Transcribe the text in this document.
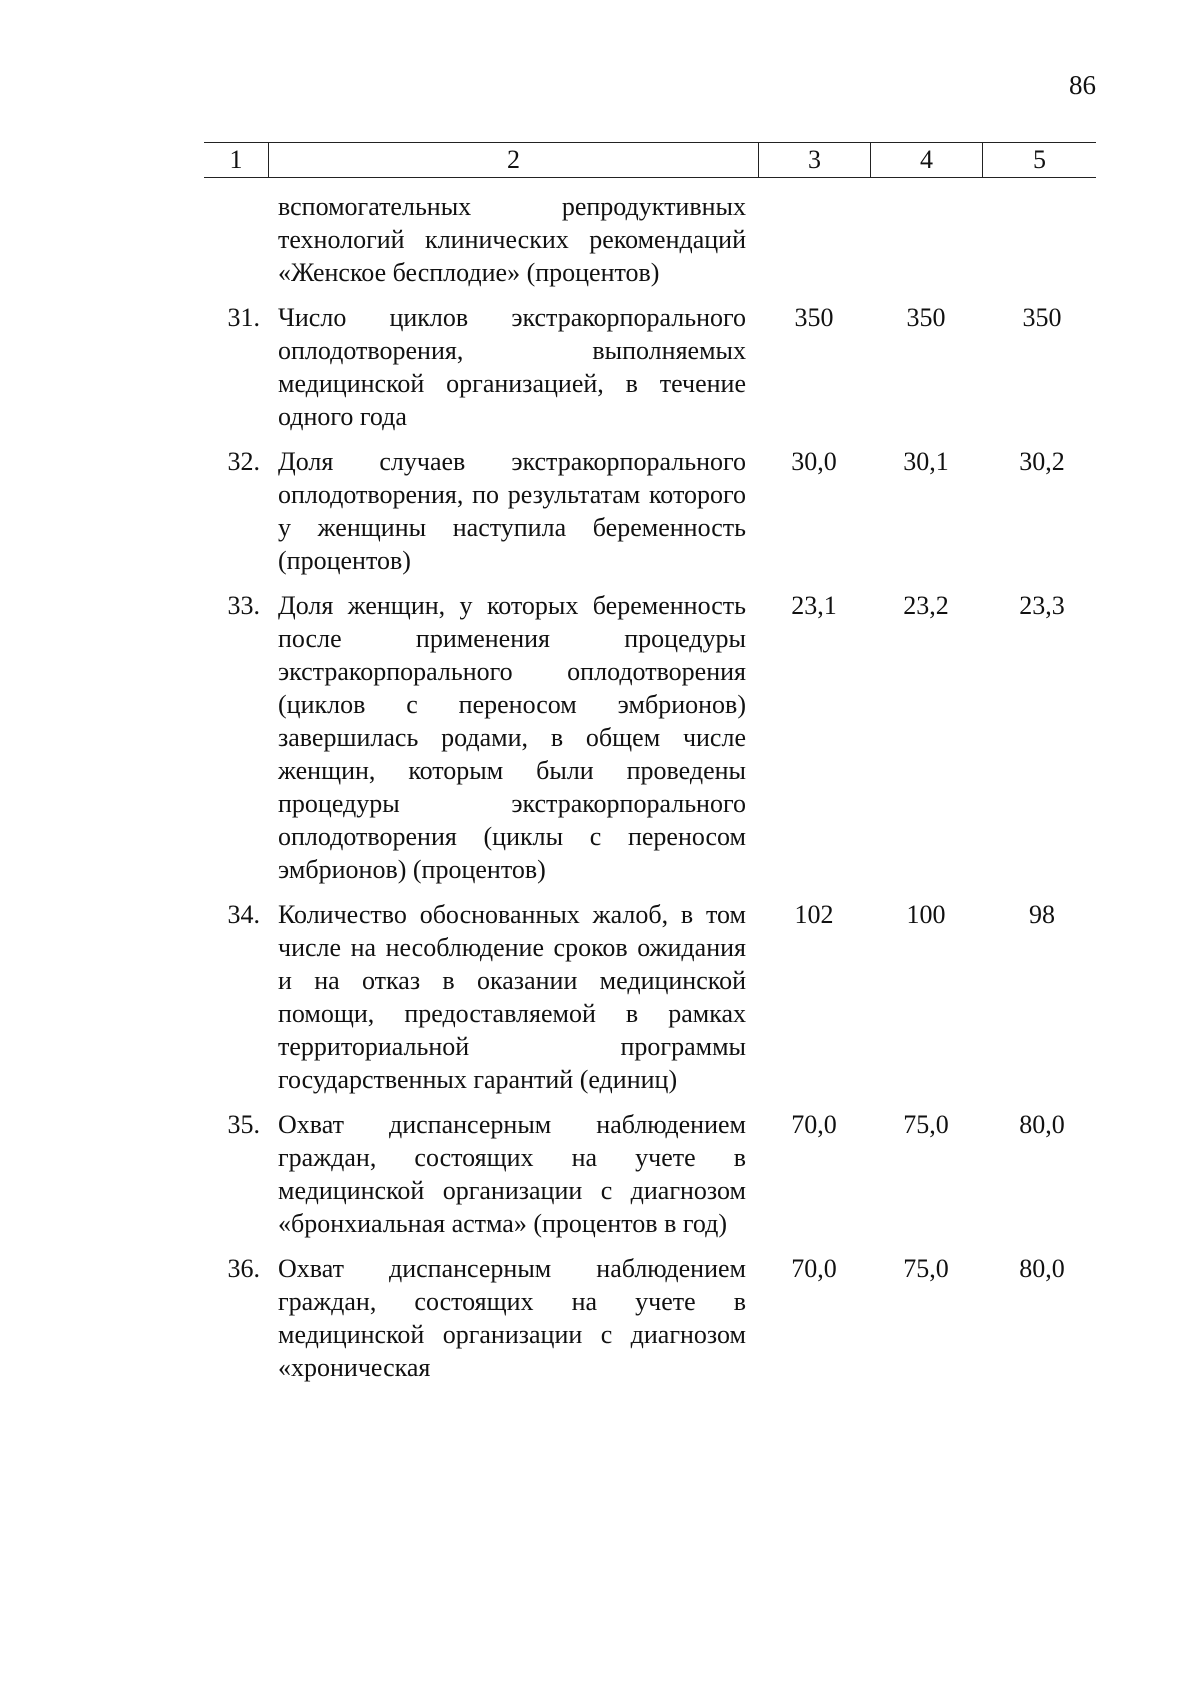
86
1	2	3	4	5
вспомогательных репродуктивных технологий клинических рекомендаций «Женское бесплодие» (процентов)
31. Число циклов экстракорпорального оплодотворения, выполняемых медицинской организацией, в течение одного года
350	350	350
32. Доля случаев экстракорпорального оплодотворения, по результатам которого у женщины наступила беременность (процентов)
30,0	30,1	30,2
33. Доля женщин, у которых беременность после применения процедуры экстракорпорального оплодотворения (циклов с переносом эмбрионов) завершилась родами, в общем числе женщин, которым были проведены процедуры экстракорпорального оплодотворения (циклы с переносом эмбрионов) (процентов)
23,1	23,2	23,3
34. Количество обоснованных жалоб, в том числе на несоблюдение сроков ожидания и на отказ в оказании медицинской помощи, предоставляемой в рамках территориальной программы государственных гарантий (единиц)
102	100	98
35. Охват диспансерным наблюдением граждан, состоящих на учете в медицинской организации с диагнозом «бронхиальная астма» (процентов в год)
70,0	75,0	80,0
36. Охват диспансерным наблюдением граждан, состоящих на учете в медицинской организации с диагнозом «хроническая
70,0	75,0	80,0
